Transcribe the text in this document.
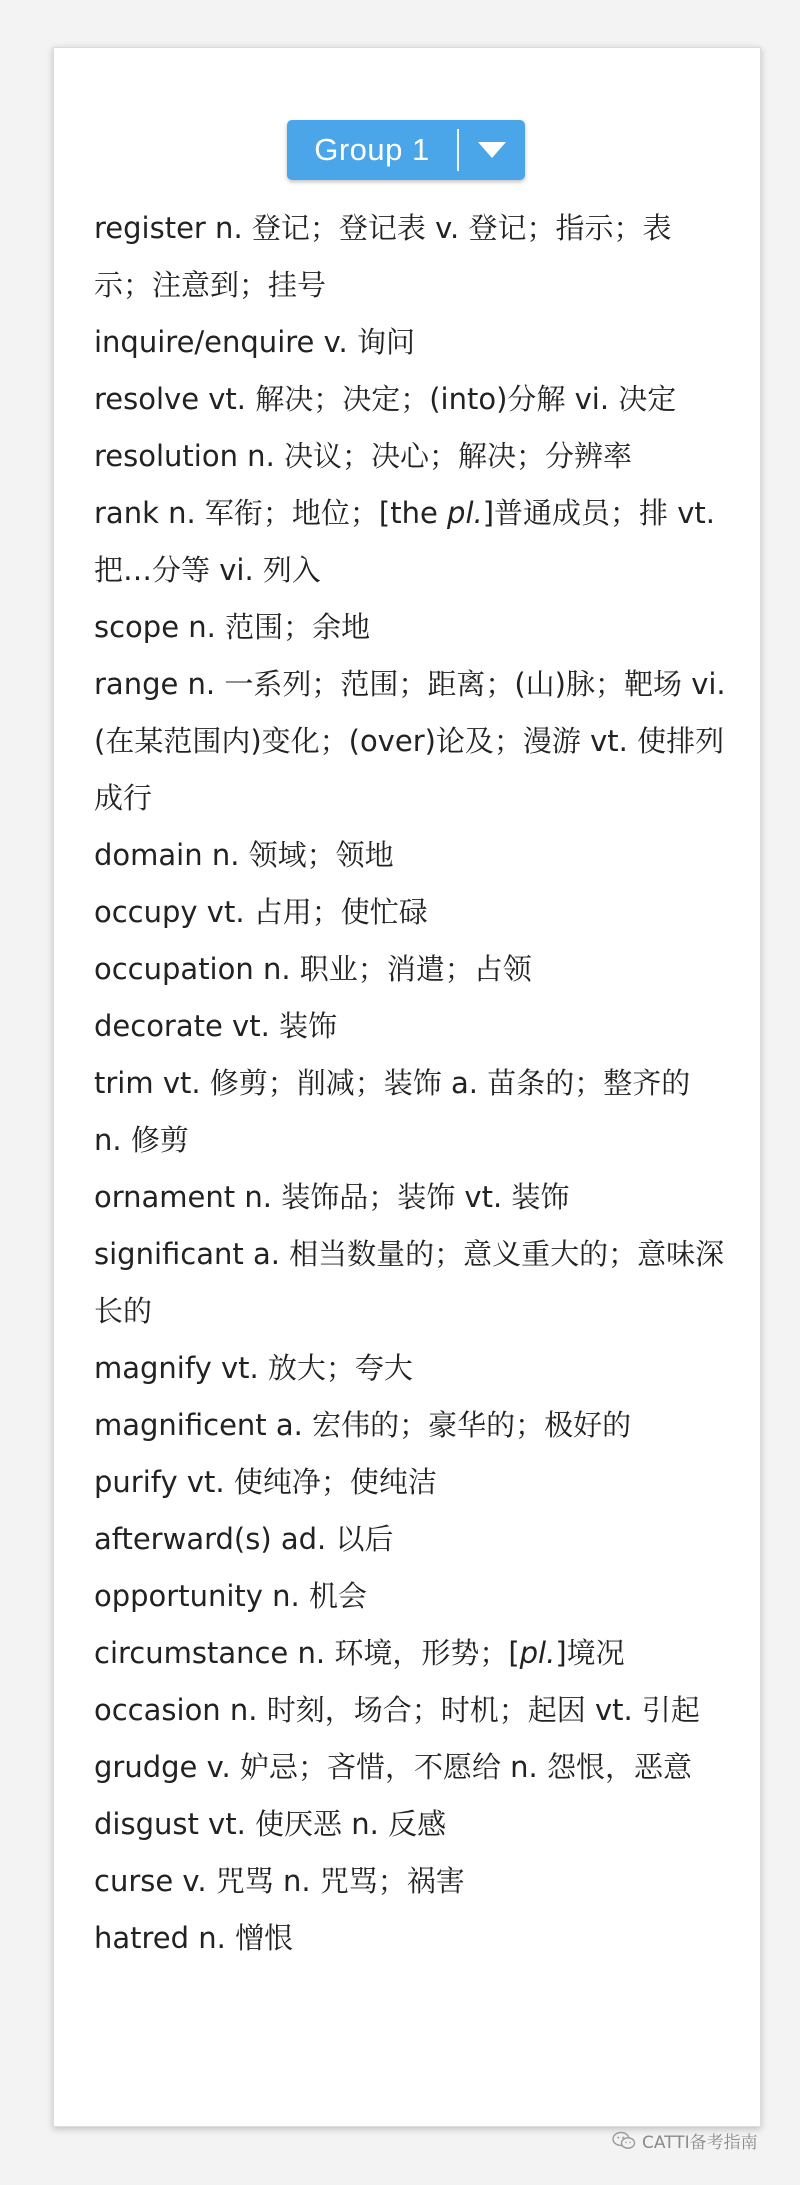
Group 1

register n. 登记；登记表 v. 登记；指示；表示；注意到；挂号

inquire/enquire v. 询问

resolve vt. 解决；决定；(into)分解 vi. 决定

resolution n. 决议；决心；解决；分辨率

rank n. 军衔；地位；[the pl.]普通成员；排 vt. 把…分等 vi. 列入

scope n. 范围；余地

range n. 一系列；范围；距离；(山)脉；靶场 vi. (在某范围内)变化；(over)论及；漫游 vt. 使排列成行

domain n. 领域；领地

occupy vt. 占用；使忙碌

occupation n. 职业；消遣；占领

decorate vt. 装饰

trim vt. 修剪；削减；装饰 a. 苗条的；整齐的 n. 修剪

ornament n. 装饰品；装饰 vt. 装饰

significant a. 相当数量的；意义重大的；意味深长的

magnify vt. 放大；夸大

magnificent a. 宏伟的；豪华的；极好的

purify vt. 使纯净；使纯洁

afterward(s) ad. 以后

opportunity n. 机会

circumstance n. 环境，形势；[pl.]境况

occasion n. 时刻，场合；时机；起因 vt. 引起

grudge v. 妒忌；吝惜，不愿给 n. 怨恨，恶意

disgust vt. 使厌恶 n. 反感

curse v. 咒骂 n. 咒骂；祸害

hatred n. 憎恨

CATTI备考指南
